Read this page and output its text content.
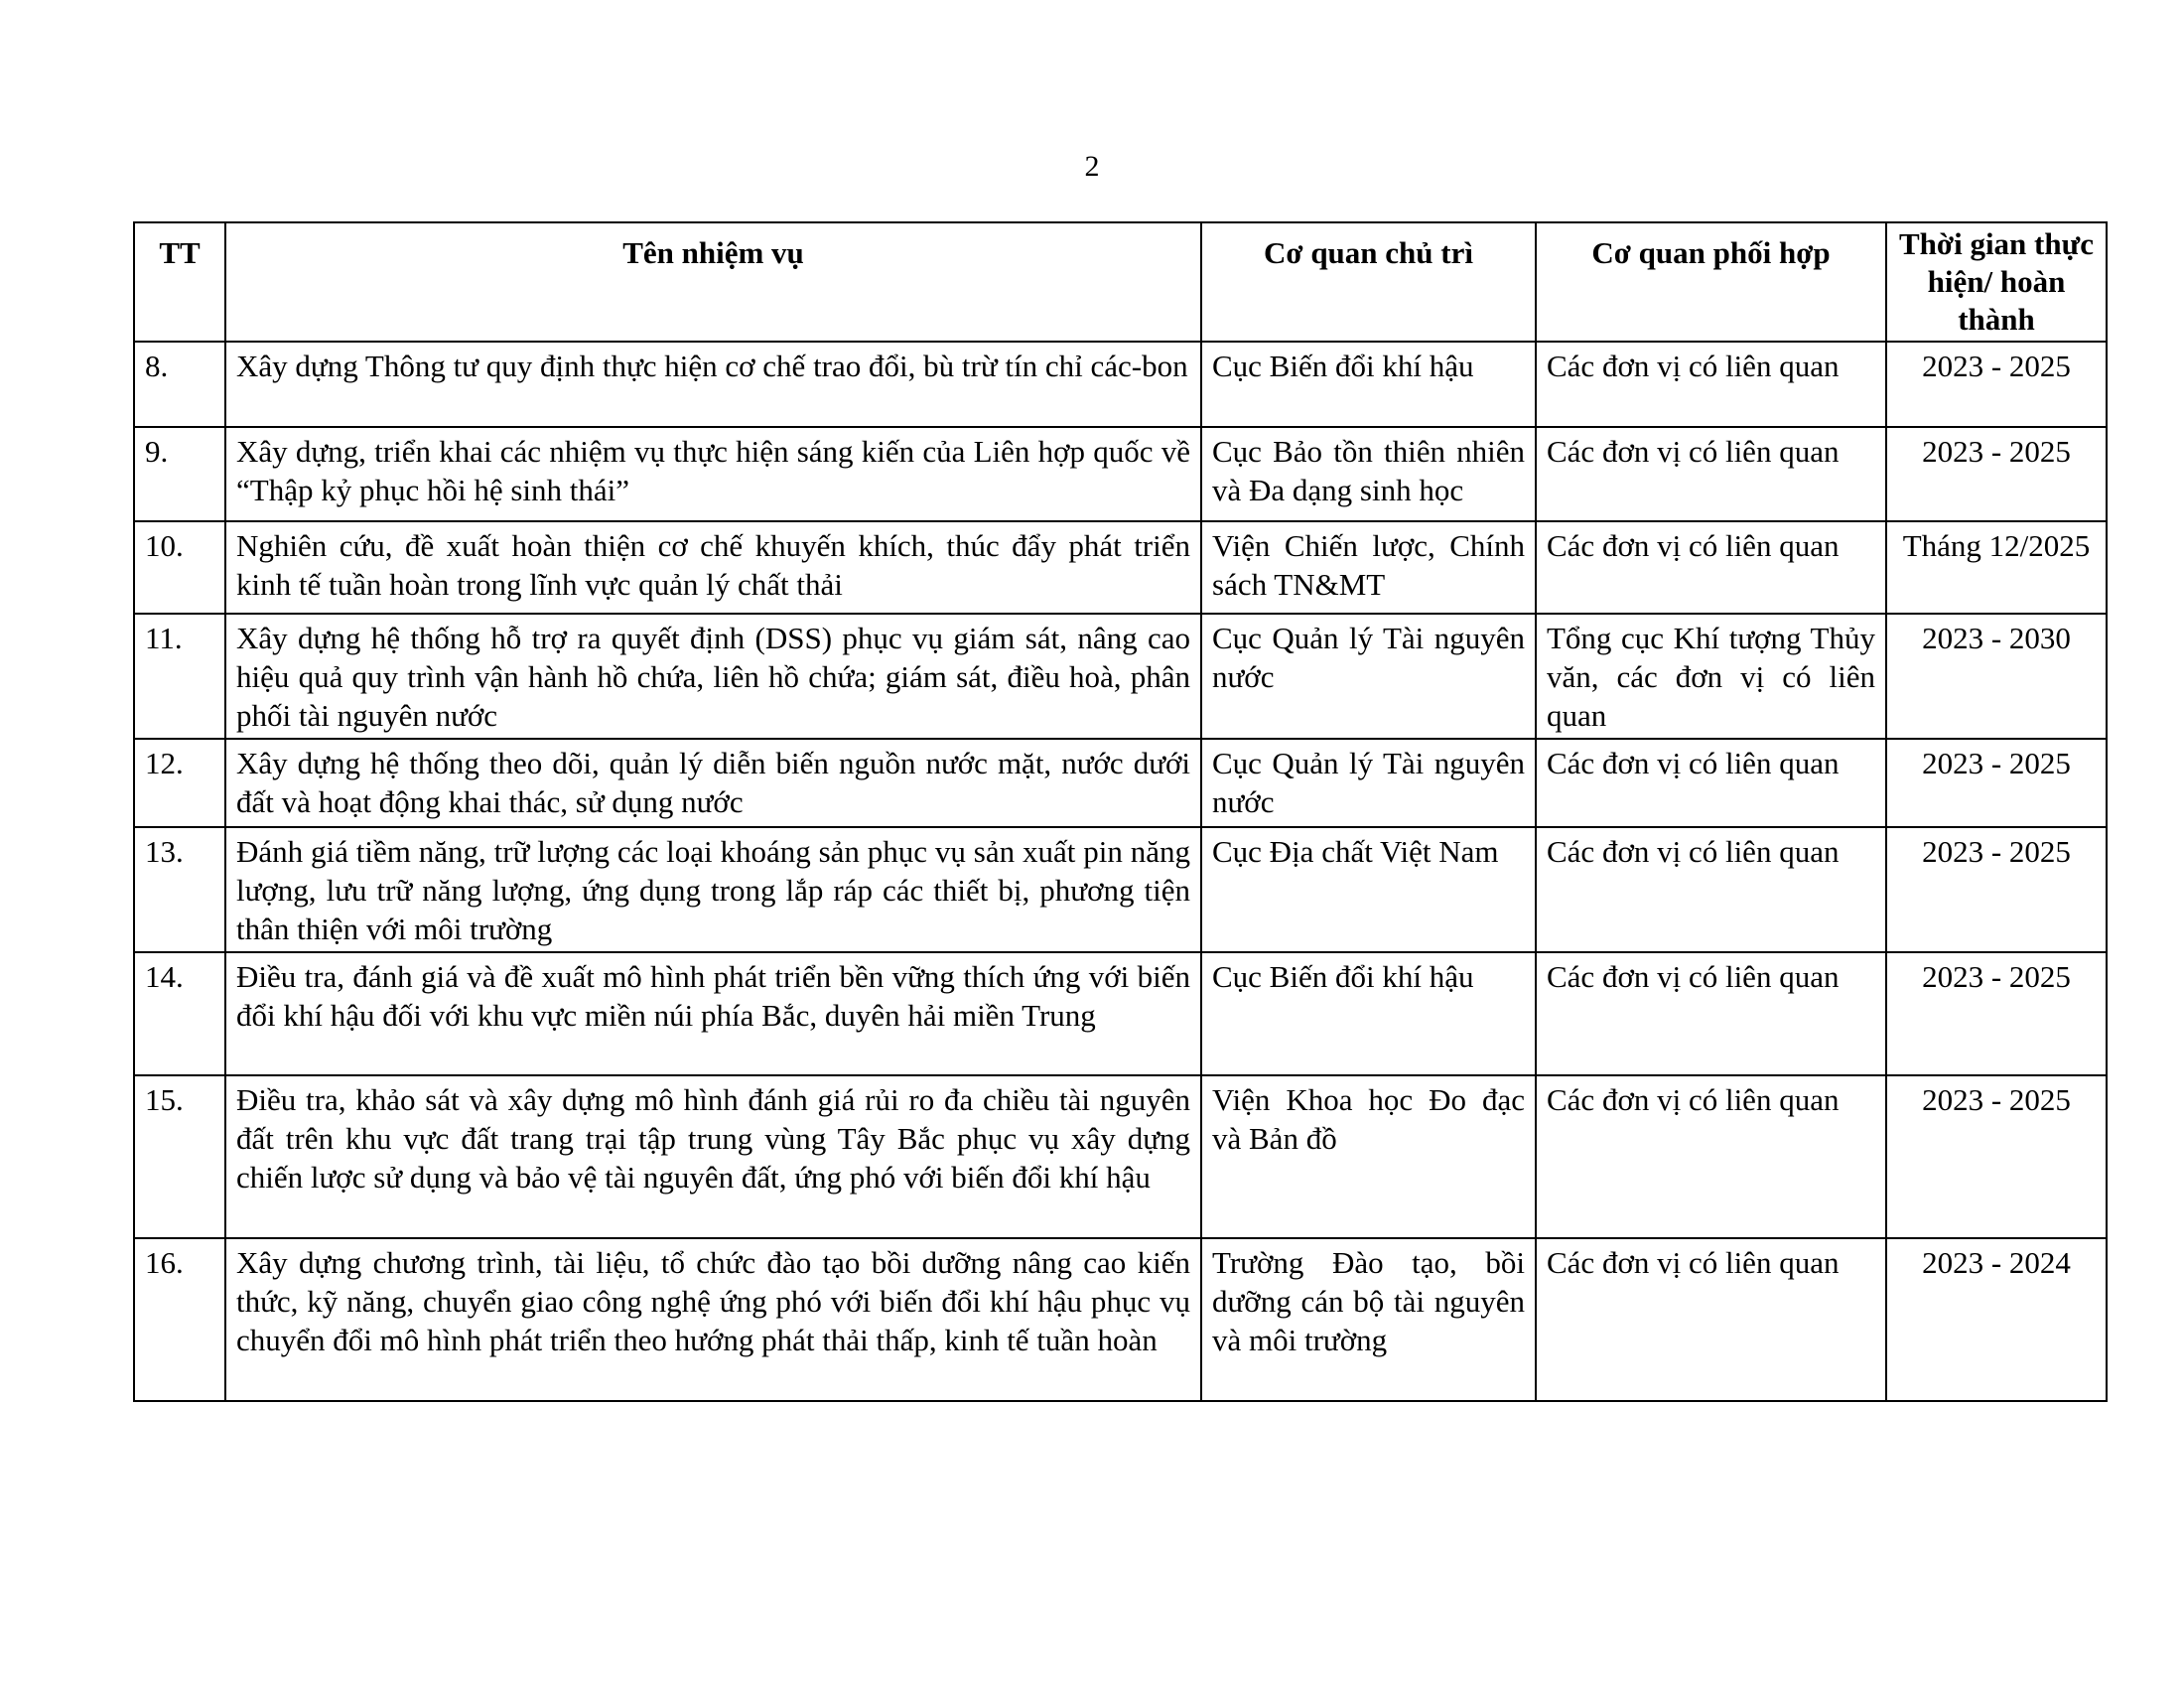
2
TT	Tên nhiệm vụ	Cơ quan chủ trì	Cơ quan phối hợp	Thời gian thực hiện/ hoàn thành
8.	Xây dựng Thông tư quy định thực hiện cơ chế trao đổi, bù trừ tín chỉ các-bon	Cục Biến đổi khí hậu	Các đơn vị có liên quan	2023 - 2025
9.	Xây dựng, triển khai các nhiệm vụ thực hiện sáng kiến của Liên hợp quốc về “Thập kỷ phục hồi hệ sinh thái”	Cục Bảo tồn thiên nhiên và Đa dạng sinh học	Các đơn vị có liên quan	2023 - 2025
10.	Nghiên cứu, đề xuất hoàn thiện cơ chế khuyến khích, thúc đẩy phát triển kinh tế tuần hoàn trong lĩnh vực quản lý chất thải	Viện Chiến lược, Chính sách TN&MT	Các đơn vị có liên quan	Tháng 12/2025
11.	Xây dựng hệ thống hỗ trợ ra quyết định (DSS) phục vụ giám sát, nâng cao hiệu quả quy trình vận hành hồ chứa, liên hồ chứa; giám sát, điều hoà, phân phối tài nguyên nước	Cục Quản lý Tài nguyên nước	Tổng cục Khí tượng Thủy văn, các đơn vị có liên quan	2023 - 2030
12.	Xây dựng hệ thống theo dõi, quản lý diễn biến nguồn nước mặt, nước dưới đất và hoạt động khai thác, sử dụng nước	Cục Quản lý Tài nguyên nước	Các đơn vị có liên quan	2023 - 2025
13.	Đánh giá tiềm năng, trữ lượng các loại khoáng sản phục vụ sản xuất pin năng lượng, lưu trữ năng lượng, ứng dụng trong lắp ráp các thiết bị, phương tiện thân thiện với môi trường	Cục Địa chất Việt Nam	Các đơn vị có liên quan	2023 - 2025
14.	Điều tra, đánh giá và đề xuất mô hình phát triển bền vững thích ứng với biến đổi khí hậu đối với khu vực miền núi phía Bắc, duyên hải miền Trung	Cục Biến đổi khí hậu	Các đơn vị có liên quan	2023 - 2025
15.	Điều tra, khảo sát và xây dựng mô hình đánh giá rủi ro đa chiều tài nguyên đất trên khu vực đất trang trại tập trung vùng Tây Bắc phục vụ xây dựng chiến lược sử dụng và bảo vệ tài nguyên đất, ứng phó với biến đổi khí hậu	Viện Khoa học Đo đạc và Bản đồ	Các đơn vị có liên quan	2023 - 2025
16.	Xây dựng chương trình, tài liệu, tổ chức đào tạo bồi dưỡng nâng cao kiến thức, kỹ năng, chuyển giao công nghệ ứng phó với biến đổi khí hậu phục vụ chuyển đổi mô hình phát triển theo hướng phát thải thấp, kinh tế tuần hoàn	Trường Đào tạo, bồi dưỡng cán bộ tài nguyên và môi trường	Các đơn vị có liên quan	2023 - 2024
